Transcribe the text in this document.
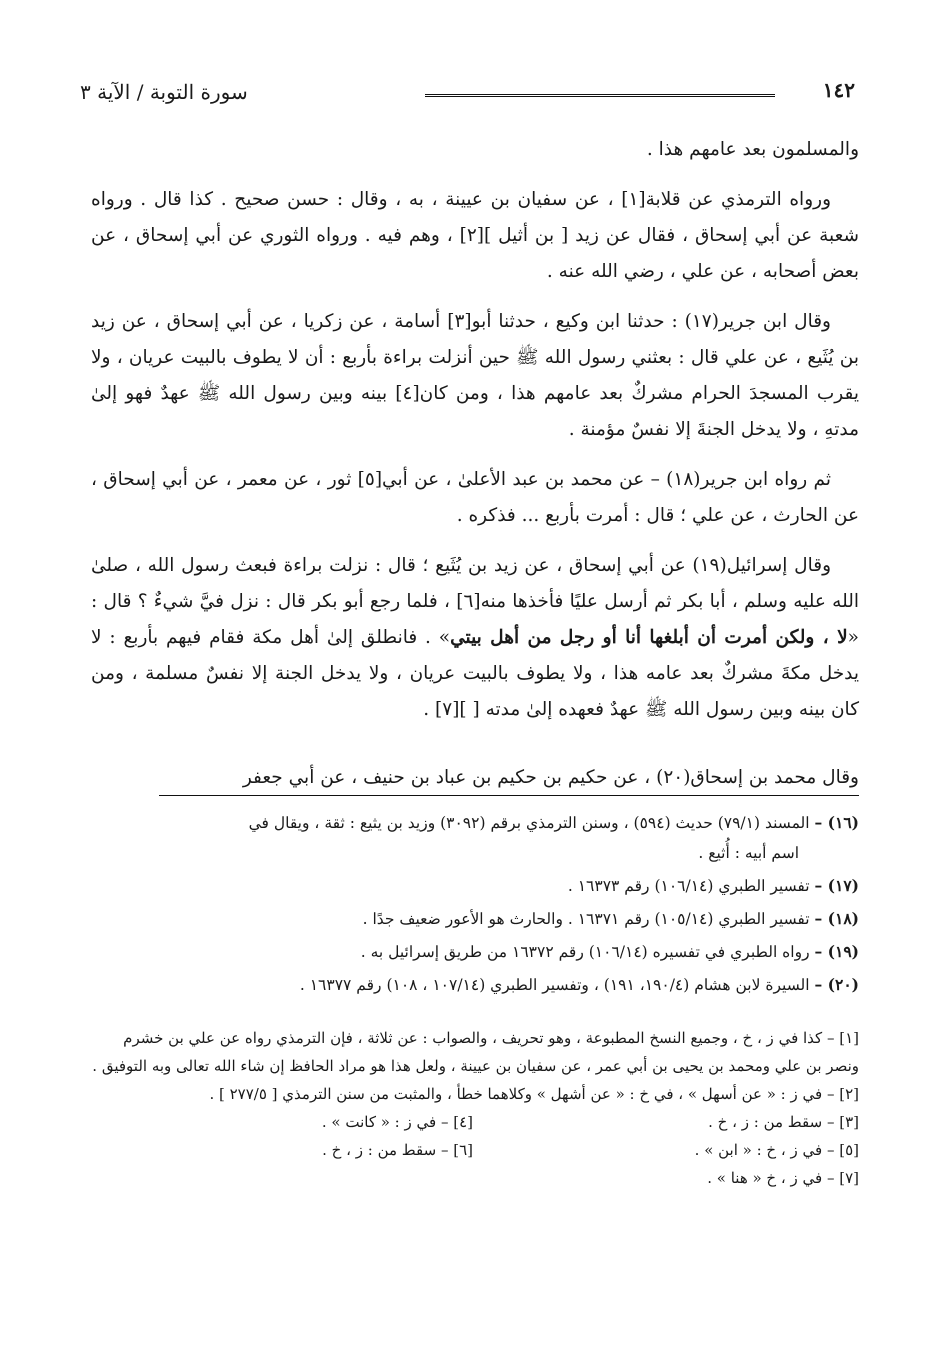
١٤٢
سورة التوبة / الآية ٣

والمسلمون بعد عامهم هذا .

ورواه الترمذي عن قلابة[١] ، عن سفيان بن عيينة ، به ، وقال : حسن صحيح . كذا قال . ورواه شعبة عن أبي إسحاق ، فقال عن زيد [ بن أثيل ][٢] ، وهم فيه . ورواه الثوري عن أبي إسحاق ، عن بعض أصحابه ، عن علي ، رضي الله عنه .

وقال ابن جرير(١٧) : حدثنا ابن وكيع ، حدثنا أبو[٣] أسامة ، عن زكريا ، عن أبي إسحاق ، عن زيد بن يُثَيع ، عن علي قال : بعثني رسول الله ﷺ حين أنزلت براءة بأربع : أن لا يطوف بالبيت عريان ، ولا يقرب المسجدَ الحرام مشركٌ بعد عامهم هذا ، ومن كان[٤] بينه وبين رسول الله ﷺ عهدٌ فهو إلىٰ مدتهِ ، ولا يدخل الجنةَ إلا نفسٌ مؤمنة .

ثم رواه ابن جرير(١٨) – عن محمد بن عبد الأعلىٰ ، عن أبي[٥] ثور ، عن معمر ، عن أبي إسحاق ، عن الحارث ، عن علي ؛ قال : أمرت بأربع ... فذكره .

وقال إسرائيل(١٩) عن أبي إسحاق ، عن زيد بن يُثَيع ؛ قال : نزلت براءة فبعث رسول الله ، صلىٰ الله عليه وسلم ، أبا بكر ثم أرسل عليًا فأخذها منه[٦] ، فلما رجع أبو بكر قال : نزل فيَّ شيءٌ ؟ قال : «لا ، ولكن أمرت أن أبلغها أنا أو رجل من أهل بيتي» . فانطلق إلىٰ أهل مكة فقام فيهم بأربع : لا يدخل مكةَ مشركٌ بعد عامه هذا ، ولا يطوف بالبيت عريان ، ولا يدخل الجنة إلا نفسٌ مسلمة ، ومن كان بينه وبين رسول الله ﷺ عهدٌ فعهده إلىٰ مدته [ ][٧] .

وقال محمد بن إسحاق(٢٠) ، عن حكيم بن حكيم بن عباد بن حنيف ، عن أبي جعفر
(١٦) – المسند (٧٩/١) حديث (٥٩٤) ، وسنن الترمذي برقم (٣٠٩٢) وزيد بن يثيع : ثقة ، ويقال في
اسم أبيه : أُثيع .
(١٧) – تفسير الطبري (١٠٦/١٤) رقم ١٦٣٧٣ .
(١٨) – تفسير الطبري (١٠٥/١٤) رقم ١٦٣٧١ . والحارث هو الأعور ضعيف جدًا .
(١٩) – رواه الطبري في تفسيره (١٠٦/١٤) رقم ١٦٣٧٢ من طريق إسرائيل به .
(٢٠) – السيرة لابن هشام (١٩٠/٤، ١٩١) ، وتفسير الطبري (١٠٧/١٤ ، ١٠٨) رقم ١٦٣٧٧ .
[١] – كذا في ز ، خ ، وجميع النسخ المطبوعة ، وهو تحريف ، والصواب : عن ثلاثة ، فإن الترمذي رواه عن علي بن خشرم ونصر بن علي ومحمد بن يحيى بن أبي عمر ، عن سفيان بن عيينة ، ولعل هذا هو مراد الحافظ إن شاء الله تعالى وبه التوفيق .
[٢] – في ز : « عن أسهل » ، في خ : « عن أشهل » وكلاهما خطأ ، والمثبت من سنن الترمذي [ ٢٧٧/٥ ] .
[٣] – سقط من : ز ، خ .
[٤] – في ز : « كانت » .
[٥] – في ز ، خ : « ابن » .
[٦] – سقط من : ز ، خ .
[٧] – في ز ، خ « هنا » .
